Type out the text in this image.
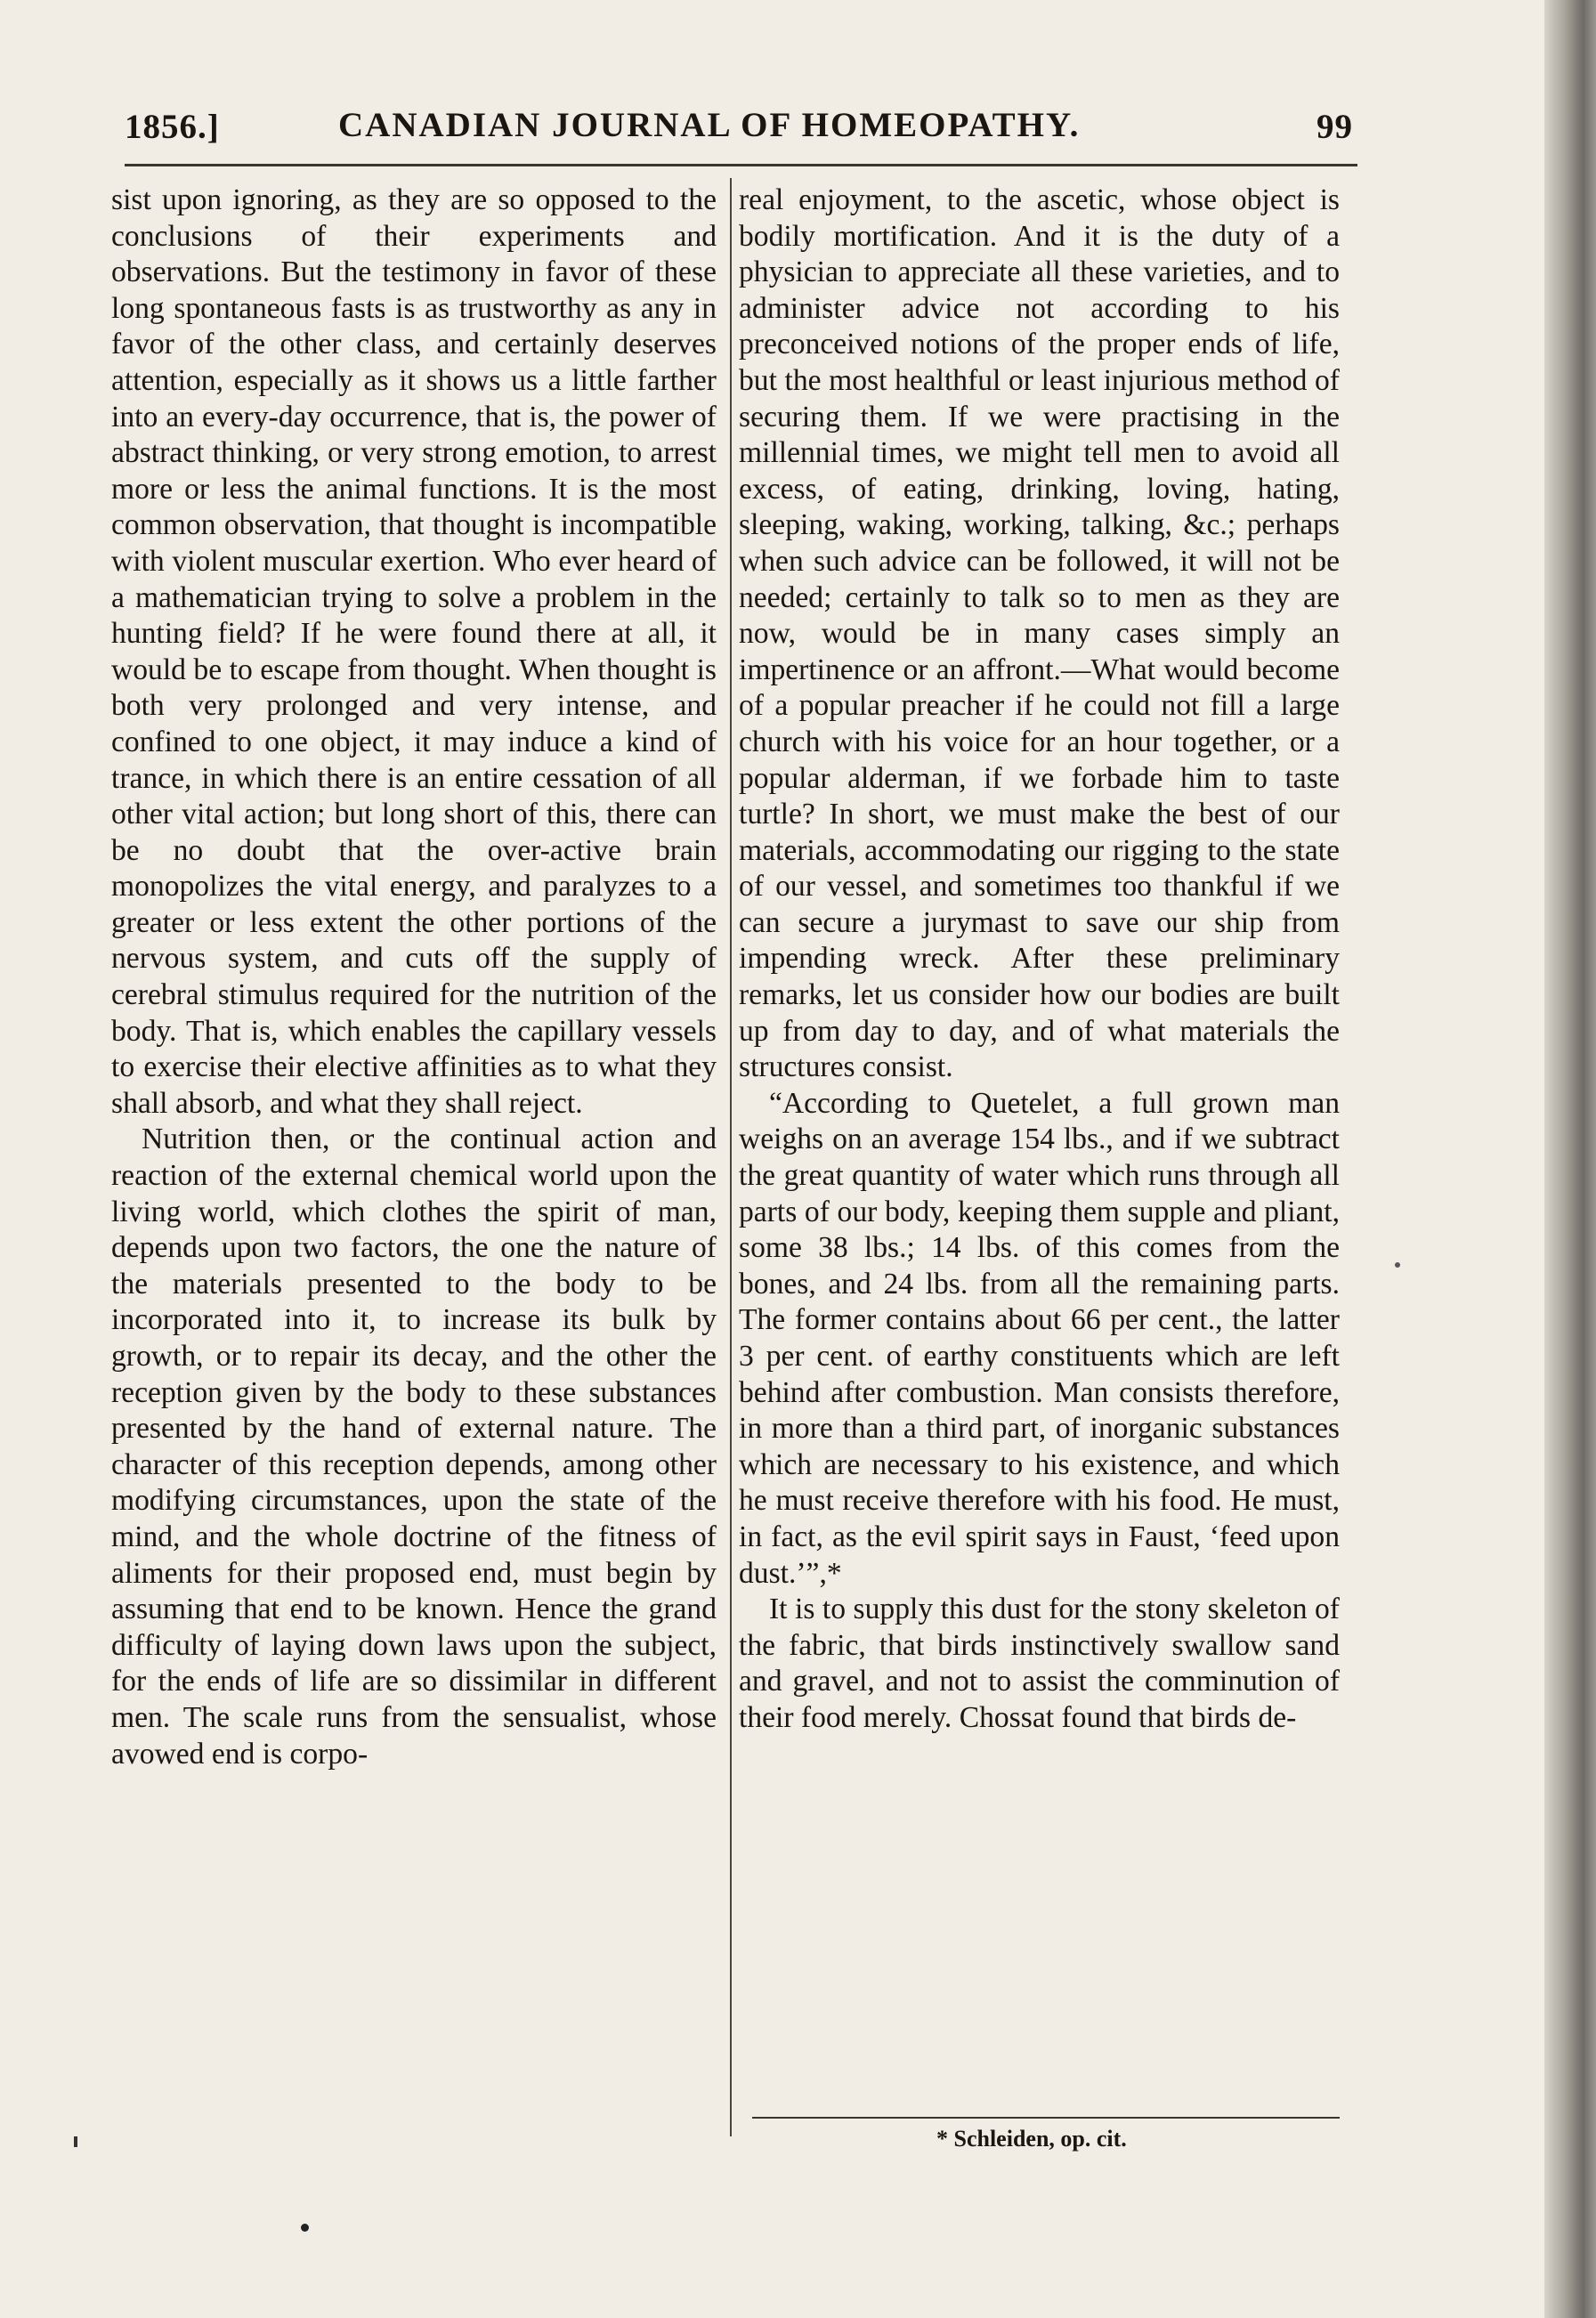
1856.]	CANADIAN JOURNAL OF HOMEOPATHY.	99

sist upon ignoring, as they are so opposed to the conclusions of their experiments and observations. But the testimony in favor of these long spontaneous fasts is as trustworthy as any in favor of the other class, and certainly deserves attention, especially as it shows us a little farther into an every-day occurrence, that is, the power of abstract thinking, or very strong emotion, to arrest more or less the animal functions. It is the most common observation, that thought is incompatible with violent muscular exertion. Who ever heard of a mathematician trying to solve a problem in the hunting field? If he were found there at all, it would be to escape from thought. When thought is both very prolonged and very intense, and confined to one object, it may induce a kind of trance, in which there is an entire cessation of all other vital action; but long short of this, there can be no doubt that the over-active brain monopolizes the vital energy, and paralyzes to a greater or less extent the other portions of the nervous system, and cuts off the supply of cerebral stimulus required for the nutrition of the body. That is, which enables the capillary vessels to exercise their elective affinities as to what they shall absorb, and what they shall reject.

Nutrition then, or the continual action and reaction of the external chemical world upon the living world, which clothes the spirit of man, depends upon two factors, the one the nature of the materials presented to the body to be incorporated into it, to increase its bulk by growth, or to repair its decay, and the other the reception given by the body to these substances presented by the hand of external nature. The character of this reception depends, among other modifying circumstances, upon the state of the mind, and the whole doctrine of the fitness of aliments for their proposed end, must begin by assuming that end to be known. Hence the grand difficulty of laying down laws upon the subject, for the ends of life are so dissimilar in different men. The scale runs from the sensualist, whose avowed end is corpo-

real enjoyment, to the ascetic, whose object is bodily mortification. And it is the duty of a physician to appreciate all these varieties, and to administer advice not according to his preconceived notions of the proper ends of life, but the most healthful or least injurious method of securing them. If we were practising in the millennial times, we might tell men to avoid all excess, of eating, drinking, loving, hating, sleeping, waking, working, talking, &c.; perhaps when such advice can be followed, it will not be needed; certainly to talk so to men as they are now, would be in many cases simply an impertinence or an affront.—What would become of a popular preacher if he could not fill a large church with his voice for an hour together, or a popular alderman, if we forbade him to taste turtle? In short, we must make the best of our materials, accommodating our rigging to the state of our vessel, and sometimes too thankful if we can secure a jurymast to save our ship from impending wreck. After these preliminary remarks, let us consider how our bodies are built up from day to day, and of what materials the structures consist.

“According to Quetelet, a full grown man weighs on an average 154 lbs., and if we subtract the great quantity of water which runs through all parts of our body, keeping them supple and pliant, some 38 lbs.; 14 lbs. of this comes from the bones, and 24 lbs. from all the remaining parts. The former contains about 66 per cent., the latter 3 per cent. of earthy constituents which are left behind after combustion. Man consists therefore, in more than a third part, of inorganic substances which are necessary to his existence, and which he must receive therefore with his food. He must, in fact, as the evil spirit says in Faust, ‘feed upon dust.’”,*

It is to supply this dust for the stony skeleton of the fabric, that birds instinctively swallow sand and gravel, and not to assist the comminution of their food merely. Chossat found that birds de-

* Schleiden, op. cit.
